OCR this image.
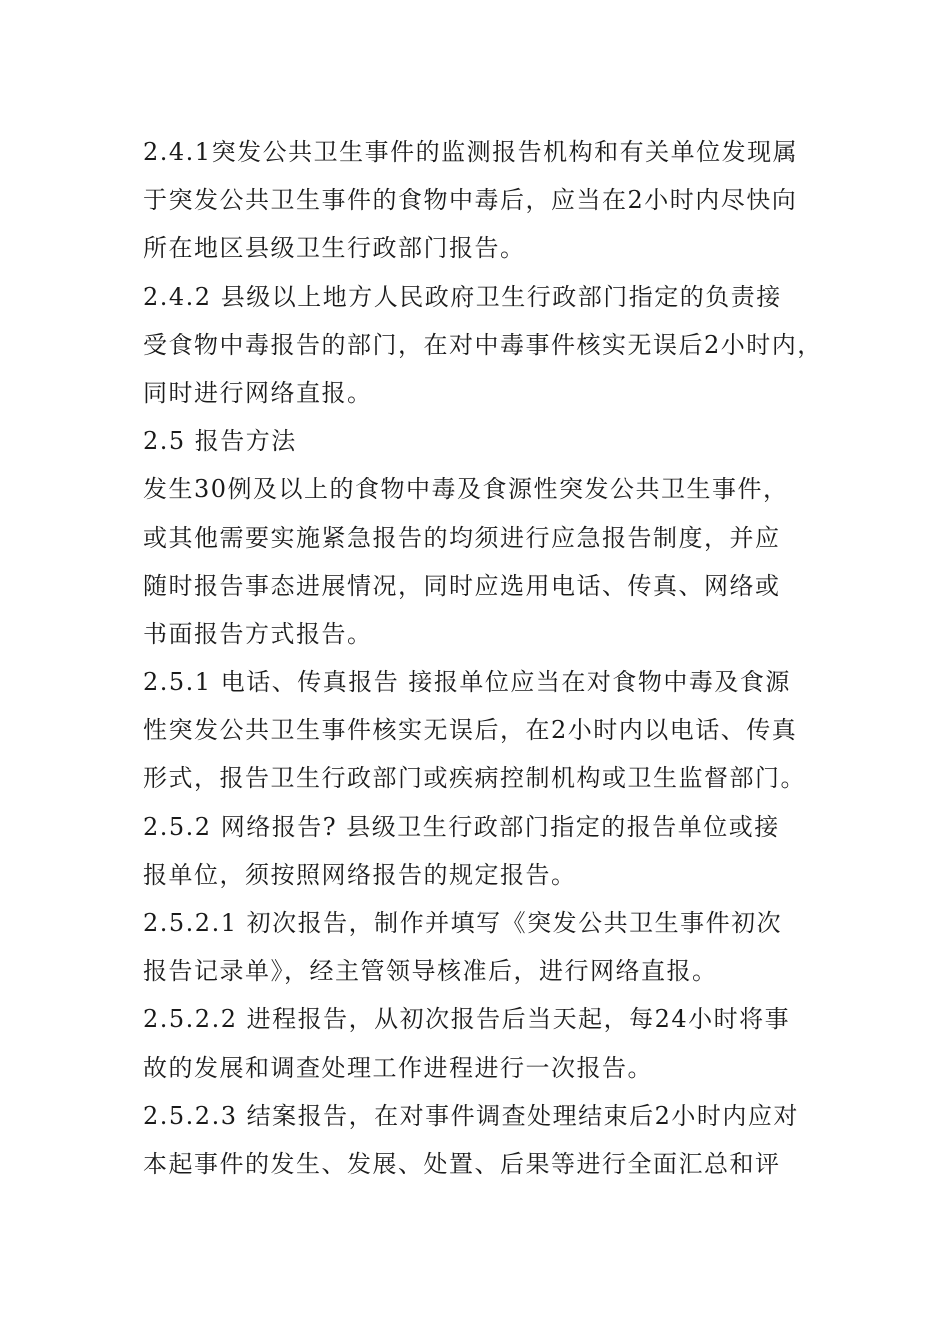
2.4.1突发公共卫生事件的监测报告机构和有关单位发现属
于突发公共卫生事件的食物中毒后，应当在2小时内尽快向
所在地区县级卫生行政部门报告。
2.4.2 县级以上地方人民政府卫生行政部门指定的负责接
受食物中毒报告的部门，在对中毒事件核实无误后2小时内，
同时进行网络直报。
2.5 报告方法
发生30例及以上的食物中毒及食源性突发公共卫生事件，
或其他需要实施紧急报告的均须进行应急报告制度，并应
随时报告事态进展情况，同时应选用电话、传真、网络或
书面报告方式报告。
2.5.1 电话、传真报告 接报单位应当在对食物中毒及食源
性突发公共卫生事件核实无误后，在2小时内以电话、传真
形式，报告卫生行政部门或疾病控制机构或卫生监督部门。
2.5.2 网络报告? 县级卫生行政部门指定的报告单位或接
报单位，须按照网络报告的规定报告。
2.5.2.1 初次报告，制作并填写《突发公共卫生事件初次
报告记录单》，经主管领导核准后，进行网络直报。
2.5.2.2 进程报告，从初次报告后当天起，每24小时将事
故的发展和调查处理工作进程进行一次报告。
2.5.2.3 结案报告，在对事件调查处理结束后2小时内应对
本起事件的发生、发展、处置、后果等进行全面汇总和评
